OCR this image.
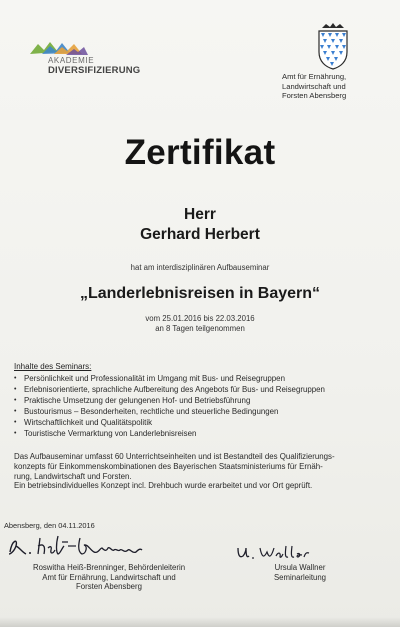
AKADEMIE
DIVERSIFIZIERUNG
Amt für Ernährung,
Landwirtschaft und
Forsten Abensberg
Zertifikat
Herr
Gerhard Herbert
hat am interdisziplinären Aufbauseminar
„Landerlebnisreisen in Bayern“
vom 25.01.2016 bis 22.03.2016
an 8 Tagen teilgenommen
Inhalte des Seminars:
• Persönlichkeit und Professionalität im Umgang mit Bus- und Reisegruppen
• Erlebnisorientierte, sprachliche Aufbereitung des Angebots für Bus- und Reisegruppen
• Praktische Umsetzung der gelungenen Hof- und Betriebsführung
• Bustourismus – Besonderheiten, rechtliche und steuerliche Bedingungen
• Wirtschaftlichkeit und Qualitätspolitik
• Touristische Vermarktung von Landerlebnisreisen
Das Aufbauseminar umfasst 60 Unterrichtseinheiten und ist Bestandteil des Qualifizierungs-
konzepts für Einkommenskombinationen des Bayerischen Staatsministeriums für Ernäh-
rung, Landwirtschaft und Forsten.
Ein betriebsindividuelles Konzept incl. Drehbuch wurde erarbeitet und vor Ort geprüft.
Abensberg, den 04.11.2016
Roswitha Heiß-Brenninger, Behördenleiterin
Amt für Ernährung, Landwirtschaft und
Forsten Abensberg
Ursula Wallner
Seminarleitung
